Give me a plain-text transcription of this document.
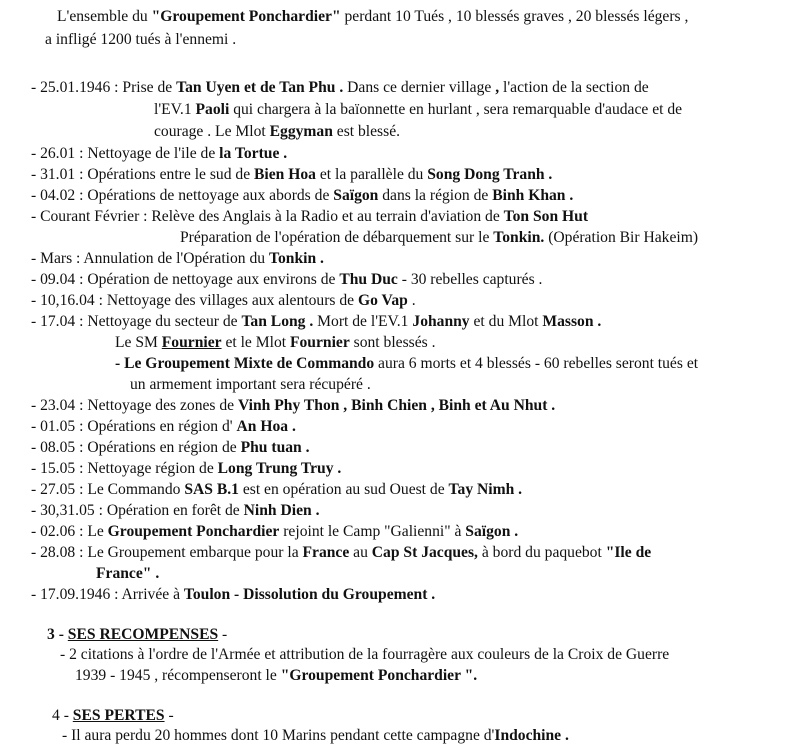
L'ensemble du "Groupement Ponchardier" perdant 10 Tués , 10 blessés graves , 20 blessés légers ,
a infligé 1200 tués à l'ennemi .
- 25.01.1946 : Prise de Tan Uyen et de Tan Phu . Dans ce dernier village , l'action de la section de
l'EV.1 Paoli qui chargera à la baïonnette en hurlant , sera remarquable d'audace et de
courage . Le Mlot Eggyman est blessé.
- 26.01 : Nettoyage de l'ile de la Tortue .
- 31.01 : Opérations entre le sud de Bien Hoa et la parallèle du Song Dong Tranh .
- 04.02 : Opérations de nettoyage aux abords de Saïgon dans la région de Binh Khan .
- Courant Février : Relève des Anglais à la Radio et au terrain d'aviation de Ton Son Hut
Préparation de l'opération de débarquement sur le Tonkin. (Opération Bir Hakeim)
- Mars : Annulation de l'Opération du Tonkin .
- 09.04 : Opération de nettoyage aux environs de Thu Duc - 30 rebelles capturés .
- 10,16.04 : Nettoyage des villages aux alentours de Go Vap .
- 17.04 : Nettoyage du secteur de Tan Long . Mort de l'EV.1 Johanny et du Mlot Masson .
Le SM Fournier et le Mlot Fournier sont blessés .
- Le Groupement Mixte de Commando aura 6 morts et 4 blessés - 60 rebelles seront tués et
un armement important sera récupéré .
- 23.04 : Nettoyage des zones de Vinh Phy Thon , Binh Chien , Binh et Au Nhut .
- 01.05 : Opérations en région d' An Hoa .
- 08.05 : Opérations en région de Phu tuan .
- 15.05 : Nettoyage région de Long Trung Truy .
- 27.05 : Le Commando SAS B.1 est en opération au sud Ouest de Tay Nimh .
- 30,31.05 : Opération en forêt de Ninh Dien .
- 02.06 : Le Groupement Ponchardier rejoint le Camp "Galienni" à Saïgon .
- 28.08 : Le Groupement embarque pour la France au Cap St Jacques, à bord du paquebot "Ile de
France" .
- 17.09.1946 : Arrivée à Toulon - Dissolution du Groupement .
3 - SES RECOMPENSES -
- 2 citations à l'ordre de l'Armée et attribution de la fourragère aux couleurs de la Croix de Guerre
1939 - 1945 , récompenseront le "Groupement Ponchardier ".
4 - SES PERTES -
- Il aura perdu 20 hommes dont 10 Marins pendant cette campagne d'Indochine .
